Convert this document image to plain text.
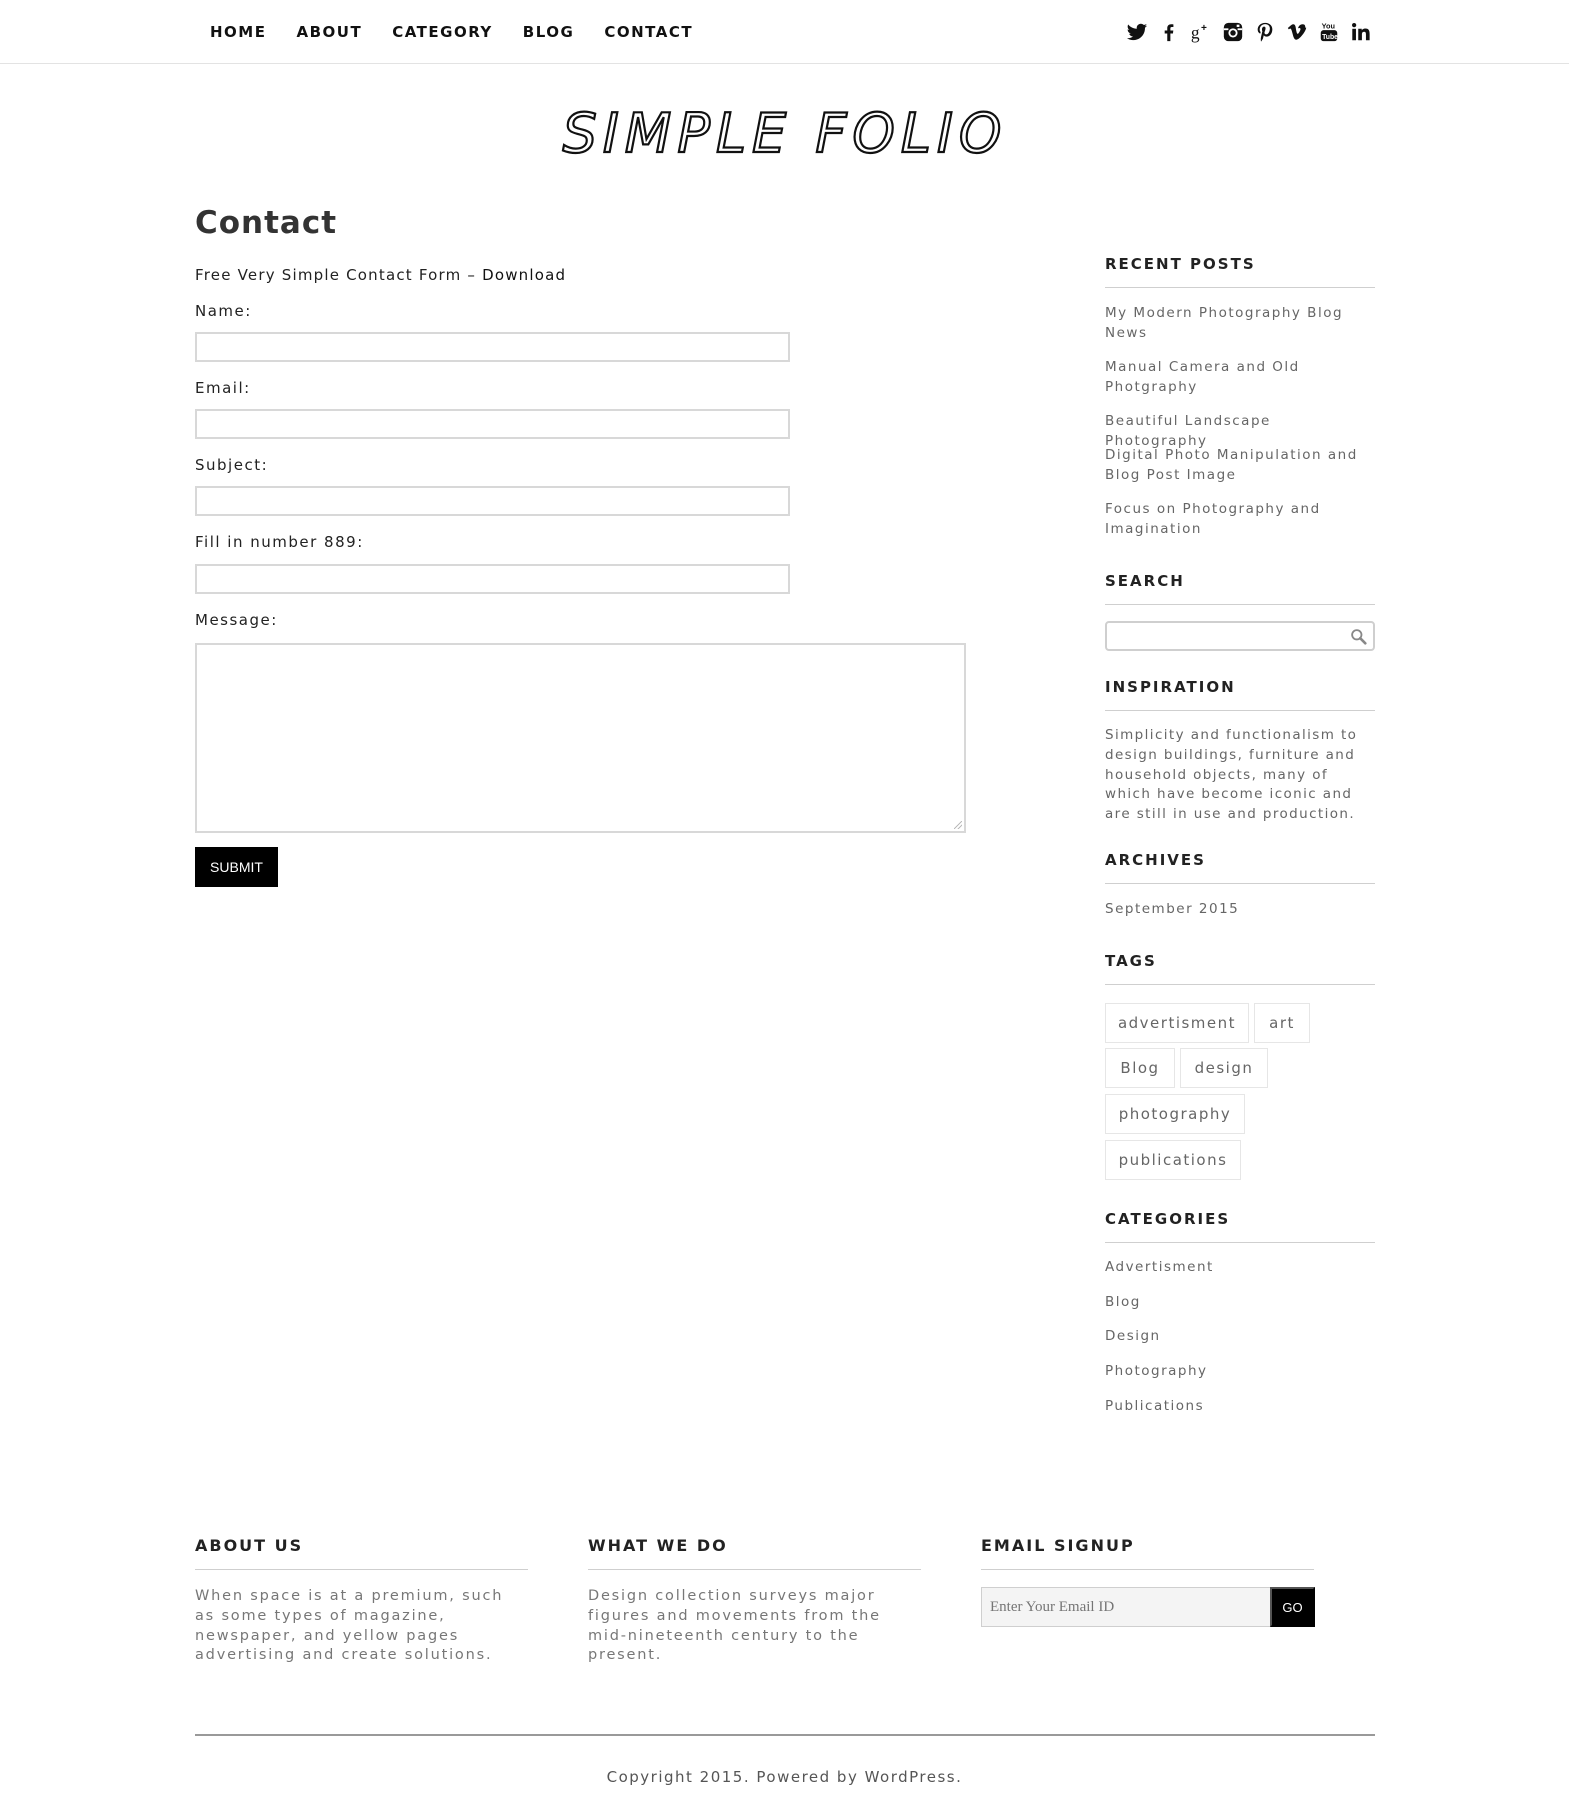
HOME ABOUT CATEGORY BLOG CONTACT	g +	You
Tube
SIMPLE FOLIO
Contact

Free Very Simple Contact Form – Download

Name:
Email:
Subject:
Fill in number 889:
Message:
SUBMIT
RECENT POSTS
My Modern Photography Blog News
Manual Camera and Old Photgraphy
Beautiful Landscape Photography
Digital Photo Manipulation and Blog Post Image
Focus on Photography and Imagination
SEARCH
INSPIRATION

Simplicity and functionalism to design buildings, furniture and household objects, many of which have become iconic and are still in use and production.

ARCHIVES
September 2015
TAGS
advertisment	art
Blog	design
photography
publications
CATEGORIES
Advertisment
Blog
Design
Photography
Publications
ABOUT US

When space is at a premium, such as some types of magazine, newspaper, and yellow pages advertising and create solutions.

WHAT WE DO

Design collection surveys major figures and movements from the mid-nineteenth century to the present.

EMAIL SIGNUP
Enter Your Email ID
GO

Copyright 2015. Powered by WordPress.
